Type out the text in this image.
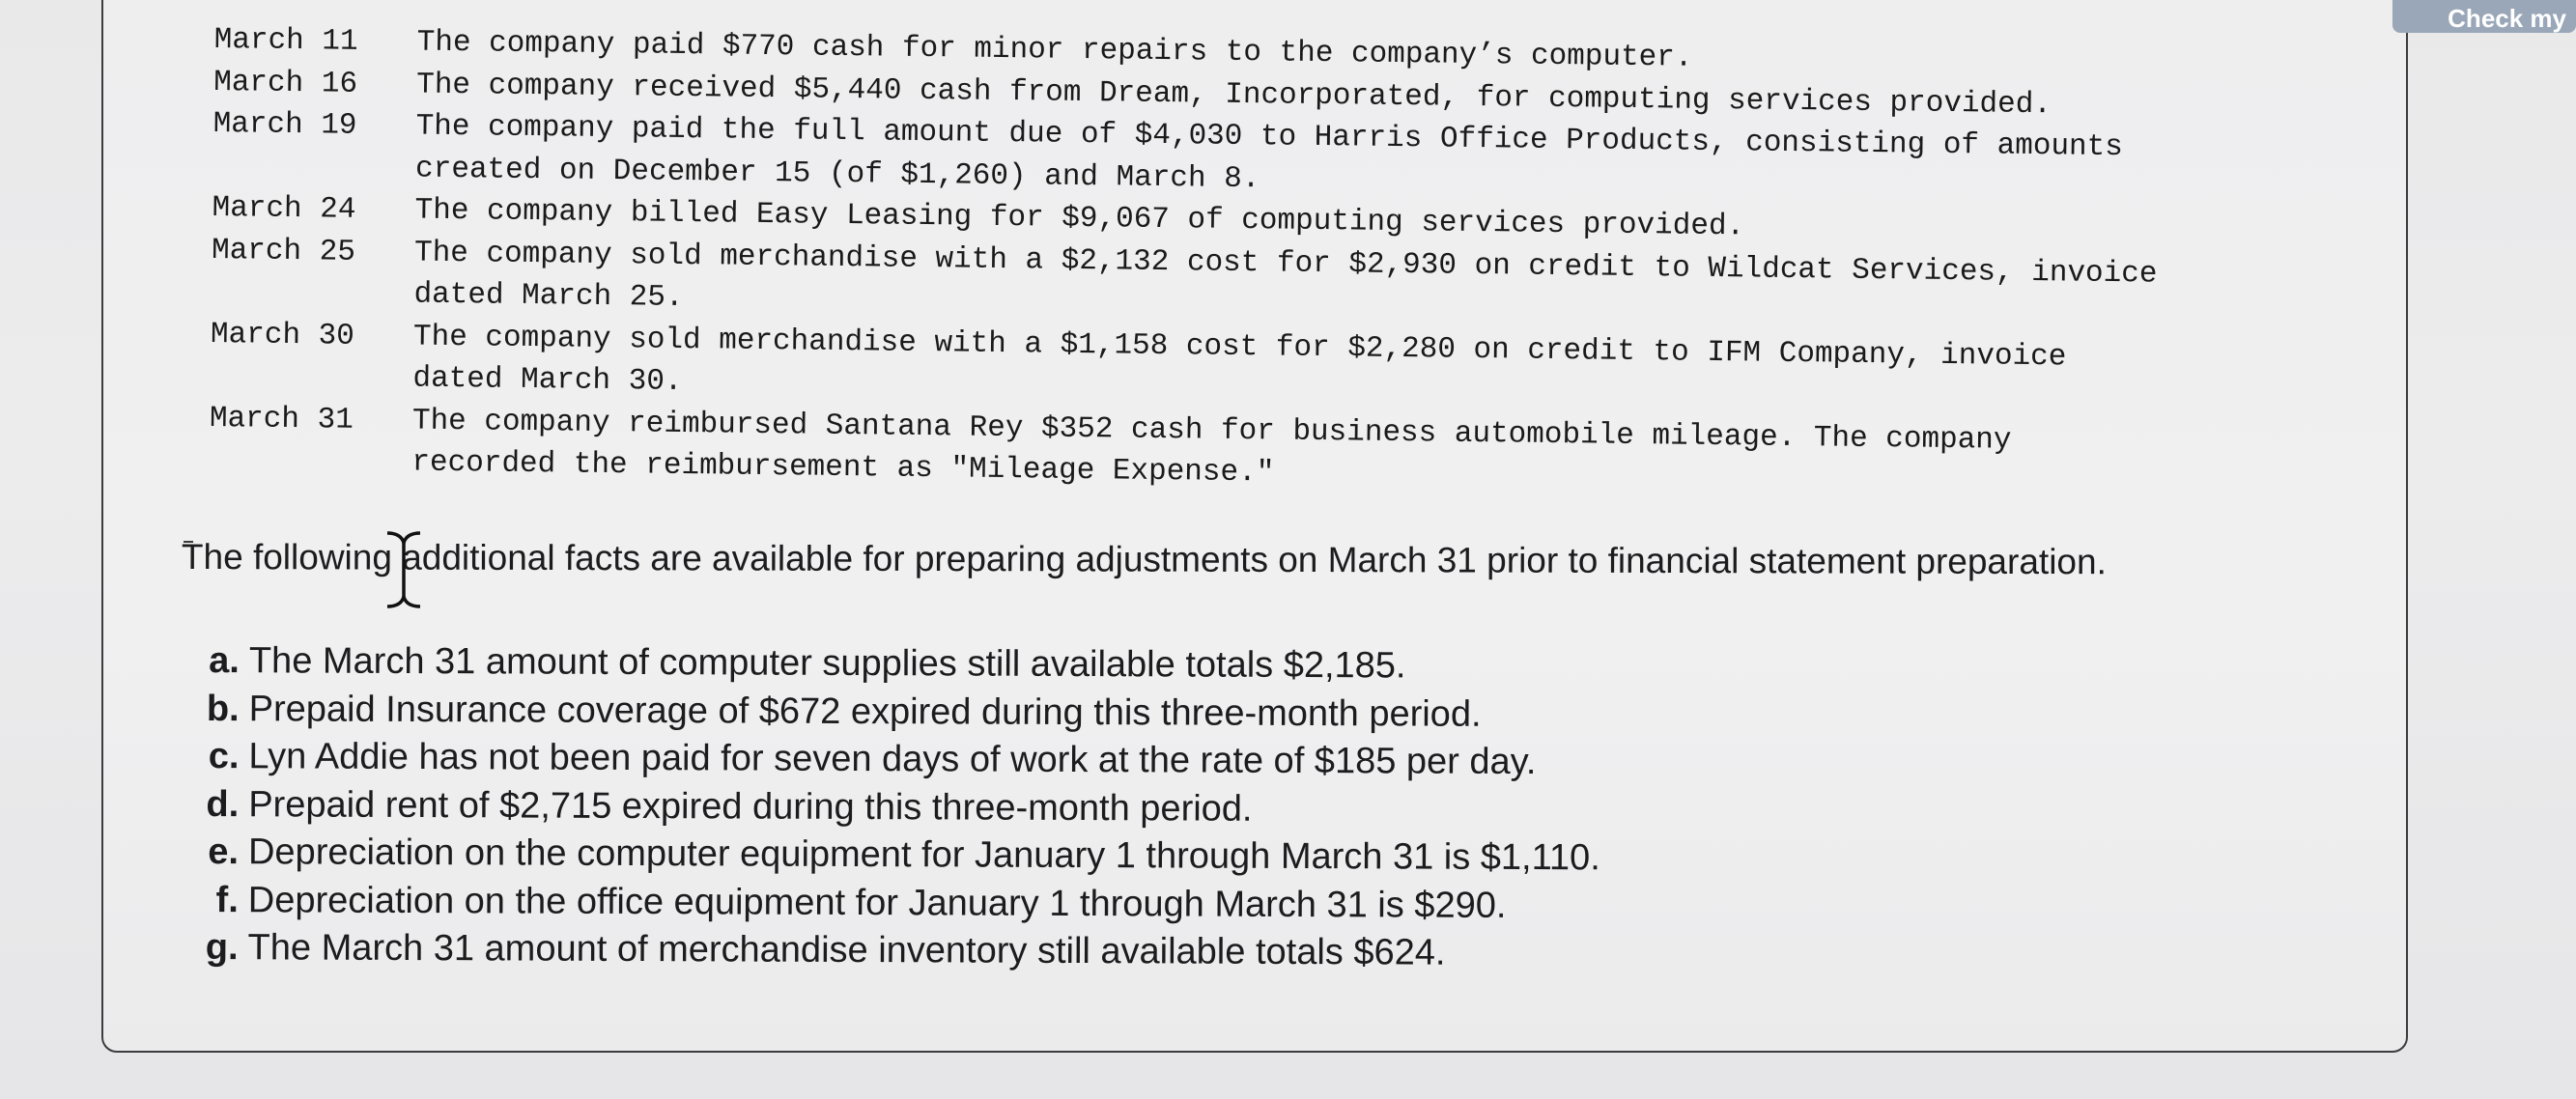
Check my
March 11	The company paid $770 cash for minor repairs to the company’s computer.
March 16	The company received $5,440 cash from Dream, Incorporated, for computing services provided.
March 19	The company paid the full amount due of $4,030 to Harris Office Products, consisting of amounts
created on December 15 (of $1,260) and March 8.
March 24	The company billed Easy Leasing for $9,067 of computing services provided.
March 25	The company sold merchandise with a $2,132 cost for $2,930 on credit to Wildcat Services, invoice
dated March 25.
March 30	The company sold merchandise with a $1,158 cost for $2,280 on credit to IFM Company, invoice
dated March 30.
March 31	The company reimbursed Santana Rey $352 cash for business automobile mileage. The company
recorded the reimbursement as "Mileage Expense."
The following additional facts are available for preparing adjustments on March 31 prior to financial statement preparation.
a. The March 31 amount of computer supplies still available totals $2,185.
b. Prepaid Insurance coverage of $672 expired during this three-month period.
c. Lyn Addie has not been paid for seven days of work at the rate of $185 per day.
d. Prepaid rent of $2,715 expired during this three-month period.
e. Depreciation on the computer equipment for January 1 through March 31 is $1,110.
f. Depreciation on the office equipment for January 1 through March 31 is $290.
g. The March 31 amount of merchandise inventory still available totals $624.
